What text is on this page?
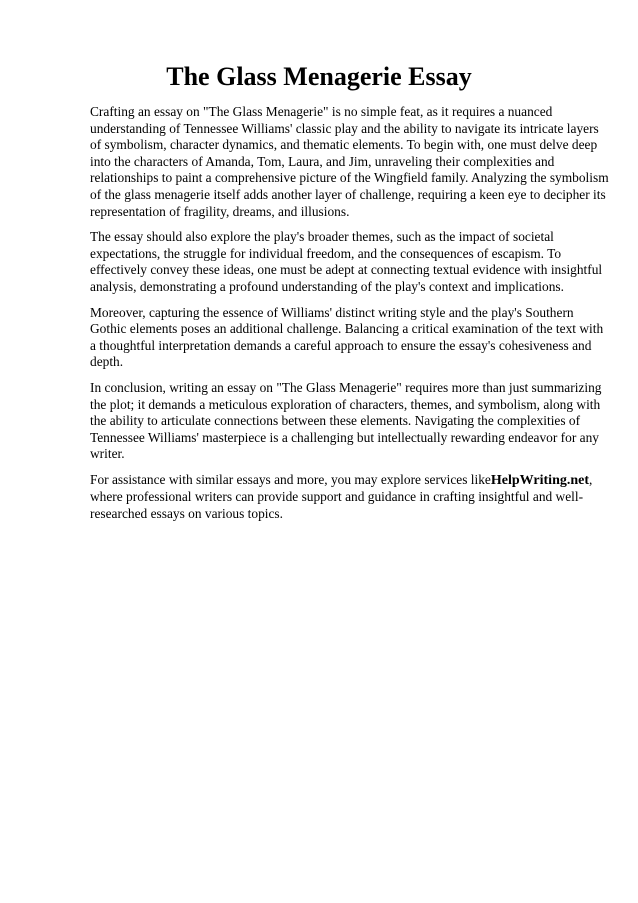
The Glass Menagerie Essay

Crafting an essay on "The Glass Menagerie" is no simple feat, as it requires a nuanced understanding of Tennessee Williams' classic play and the ability to navigate its intricate layers of symbolism, character dynamics, and thematic elements. To begin with, one must delve deep into the characters of Amanda, Tom, Laura, and Jim, unraveling their complexities and relationships to paint a comprehensive picture of the Wingfield family. Analyzing the symbolism of the glass menagerie itself adds another layer of challenge, requiring a keen eye to decipher its representation of fragility, dreams, and illusions.

The essay should also explore the play's broader themes, such as the impact of societal expectations, the struggle for individual freedom, and the consequences of escapism. To effectively convey these ideas, one must be adept at connecting textual evidence with insightful analysis, demonstrating a profound understanding of the play's context and implications.

Moreover, capturing the essence of Williams' distinct writing style and the play's Southern Gothic elements poses an additional challenge. Balancing a critical examination of the text with a thoughtful interpretation demands a careful approach to ensure the essay's cohesiveness and depth.

In conclusion, writing an essay on "The Glass Menagerie" requires more than just summarizing the plot; it demands a meticulous exploration of characters, themes, and symbolism, along with the ability to articulate connections between these elements. Navigating the complexities of Tennessee Williams' masterpiece is a challenging but intellectually rewarding endeavor for any writer.

For assistance with similar essays and more, you may explore services likeHelpWriting.net, where professional writers can provide support and guidance in crafting insightful and well-researched essays on various topics.
